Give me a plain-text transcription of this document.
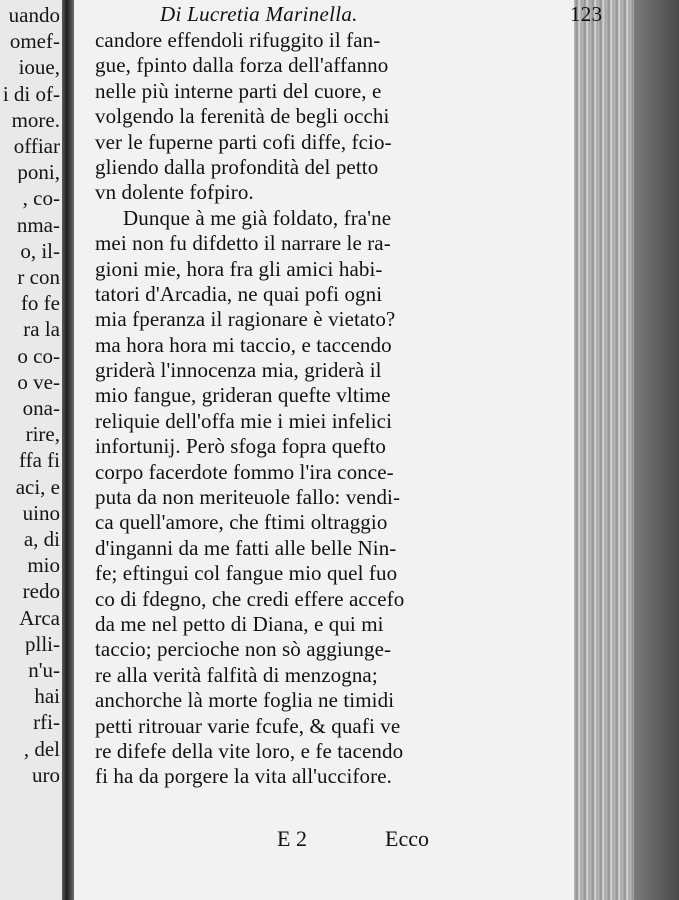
uando
omef-
ioue,
i di of-
more.
offiar
poni,
, co-
nma-
o, il-
r con
fo fe
ra la
o co-
o ve-
ona-
rire,
ffa fi
aci, e
uino
a, di
mio
redo
Arca
plli-
n'u-
hai
rfi-
, del
uro
Di Lucretia Marinella.	123
candore effendoli rifuggito il fan-
gue, fpinto dalla forza dell'affanno
nelle più interne parti del cuore, e
volgendo la ferenità de begli occhi
ver le fuperne parti cofi diffe, fcio-
gliendo dalla profondità del petto
vn dolente fofpiro.
Dunque à me già foldato, fra'ne
mei non fu difdetto il narrare le ra-
gioni mie, hora fra gli amici habi-
tatori d'Arcadia, ne quai pofi ogni
mia fperanza il ragionare è vietato?
ma hora hora mi taccio, e taccendo
griderà l'innocenza mia, griderà il
mio fangue, grideran quefte vltime
reliquie dell'offa mie i miei infelici
infortunij. Però sfoga fopra quefto
corpo facerdote fommo l'ira conce-
puta da non meriteuole fallo: vendi-
ca quell'amore, che ftimi oltraggio
d'inganni da me fatti alle belle Nin-
fe; eftingui col fangue mio quel fuo
co di fdegno, che credi effere accefo
da me nel petto di Diana, e qui mi
taccio; percioche non sò aggiunge-
re alla verità falfità di menzogna;
anchorche là morte foglia ne timidi
petti ritrouar varie fcufe, & quafi ve
re difefe della vite loro, e fe tacendo
fi ha da porgere la vita all'uccifore.
E 2	Ecco
